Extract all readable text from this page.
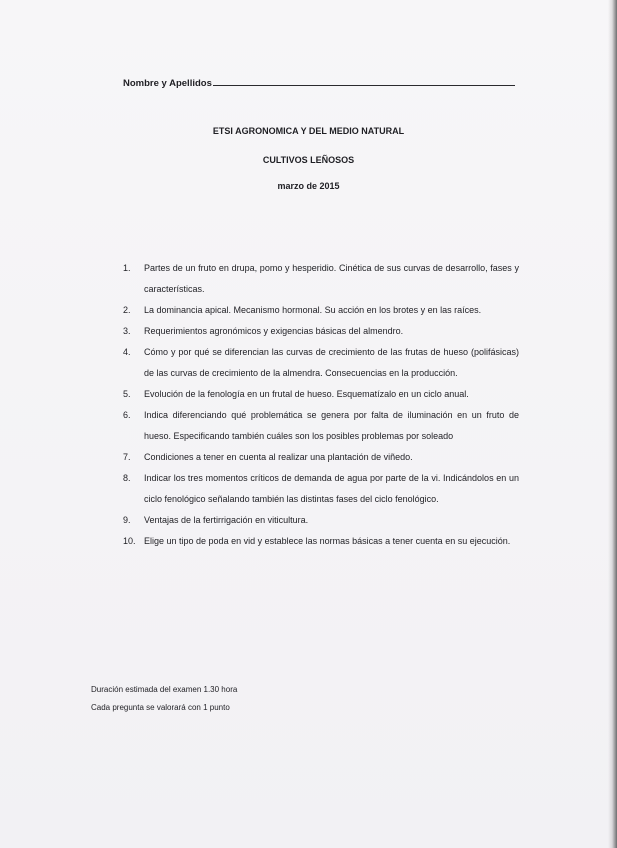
Nombre y Apellidos
ETSI AGRONOMICA Y DEL MEDIO NATURAL
CULTIVOS LEÑOSOS
marzo de 2015
1.	Partes de un fruto en drupa, pomo y hesperidio. Cinética de sus curvas de desarrollo, fases y características.
2.	La dominancia apical. Mecanismo hormonal. Su acción en los brotes y en las raíces.
3.	Requerimientos agronómicos y exigencias básicas del almendro.
4.	Cómo y por qué se diferencian las curvas de crecimiento de las frutas de hueso (polifásicas) de las curvas de crecimiento de la almendra. Consecuencias en la producción.
5.	Evolución de la fenología en un frutal de hueso. Esquematízalo en un ciclo anual.
6.	Indica diferenciando qué problemática se genera por falta de iluminación en un fruto de hueso. Especificando también cuáles son los posibles problemas por soleado
7.	Condiciones a tener en cuenta al realizar una plantación de viñedo.
8.	Indicar los tres momentos críticos de demanda de agua por parte de la vi. Indicándolos en un ciclo fenológico señalando también las distintas fases del ciclo fenológico.
9.	Ventajas de la fertirrigación en viticultura.
10. Elige un tipo de poda en vid y establece las normas básicas a tener cuenta en su ejecución.
Duración estimada del examen 1.30 hora
Cada pregunta se valorará con 1 punto
